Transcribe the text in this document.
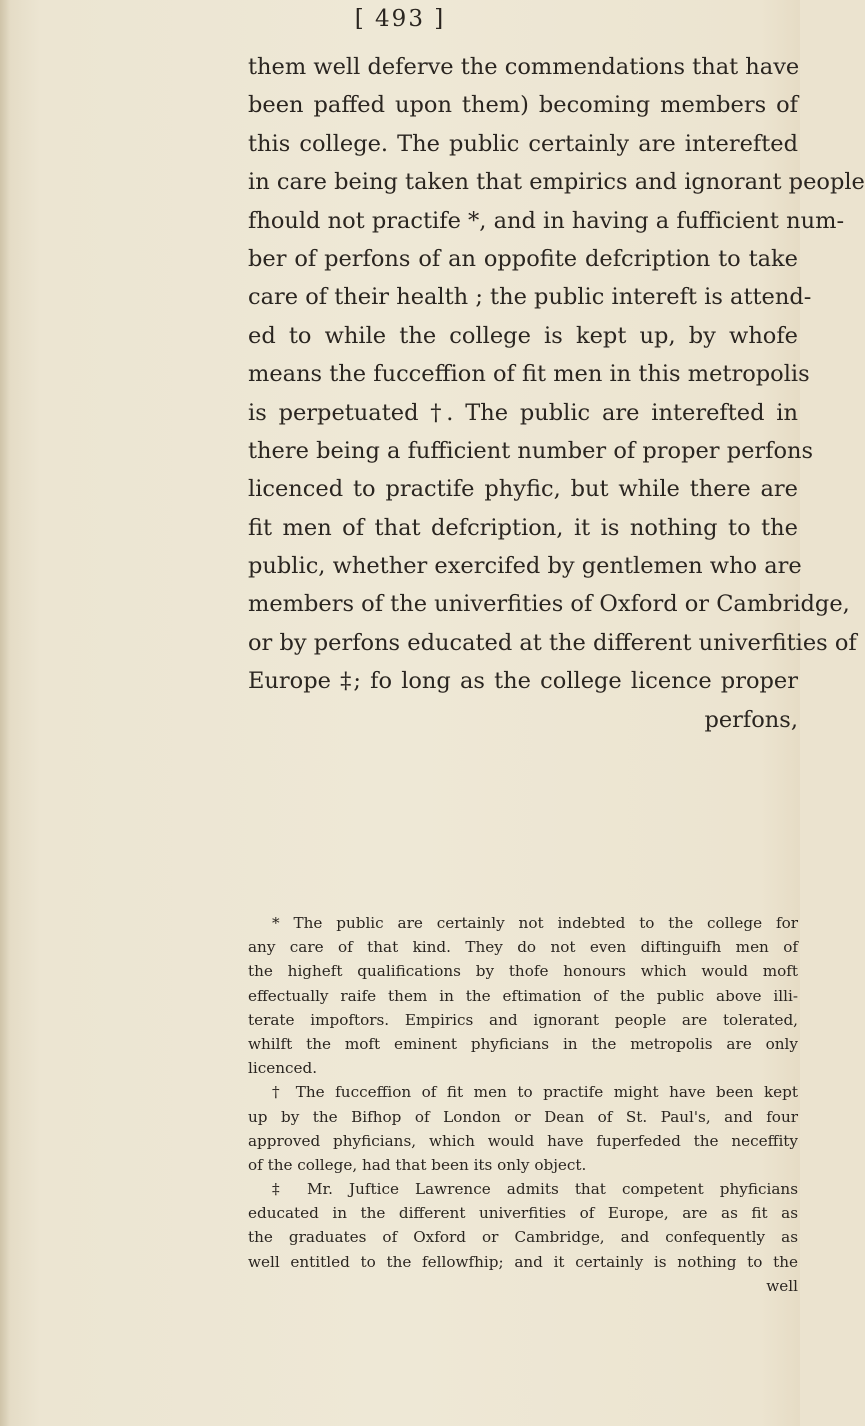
[ 493 ]
them well deferve the commendations that have
been paffed upon them) becoming members of
this college. The public certainly are interefted
in care being taken that empirics and ignorant people
fhould not practife *, and in having a fufficient num-
ber of perfons of an oppofite defcription to take
care of their health ; the public intereft is attend-
ed to while the college is kept up, by whofe
means the fucceffion of fit men in this metropolis
is perpetuated †. The public are interefted in
there being a fufficient number of proper perfons
licenced to practife phyfic, but while there are
fit men of that defcription, it is nothing to the
public, whether exercifed by gentlemen who are
members of the univerfities of Oxford or Cambridge,
or by perfons educated at the different univerfities of
Europe ‡; fo long as the college licence proper
perfons,
* The public are certainly not indebted to the college for
any care of that kind. They do not even diftinguifh men of
the higheft qualifications by thofe honours which would moft
effectually raife them in the eftimation of the public above illi-
terate impoftors. Empirics and ignorant people are tolerated,
whilft the moft eminent phyficians in the metropolis are only
licenced.
† The fucceffion of fit men to practife might have been kept
up by the Bifhop of London or Dean of St. Paul's, and four
approved phyficians, which would have fuperfeded the neceffity
of the college, had that been its only object.
‡ Mr. Juftice Lawrence admits that competent phyficians
educated in the different univerfities of Europe, are as fit as
the graduates of Oxford or Cambridge, and confequently as
well entitled to the fellowfhip; and it certainly is nothing to the
well
